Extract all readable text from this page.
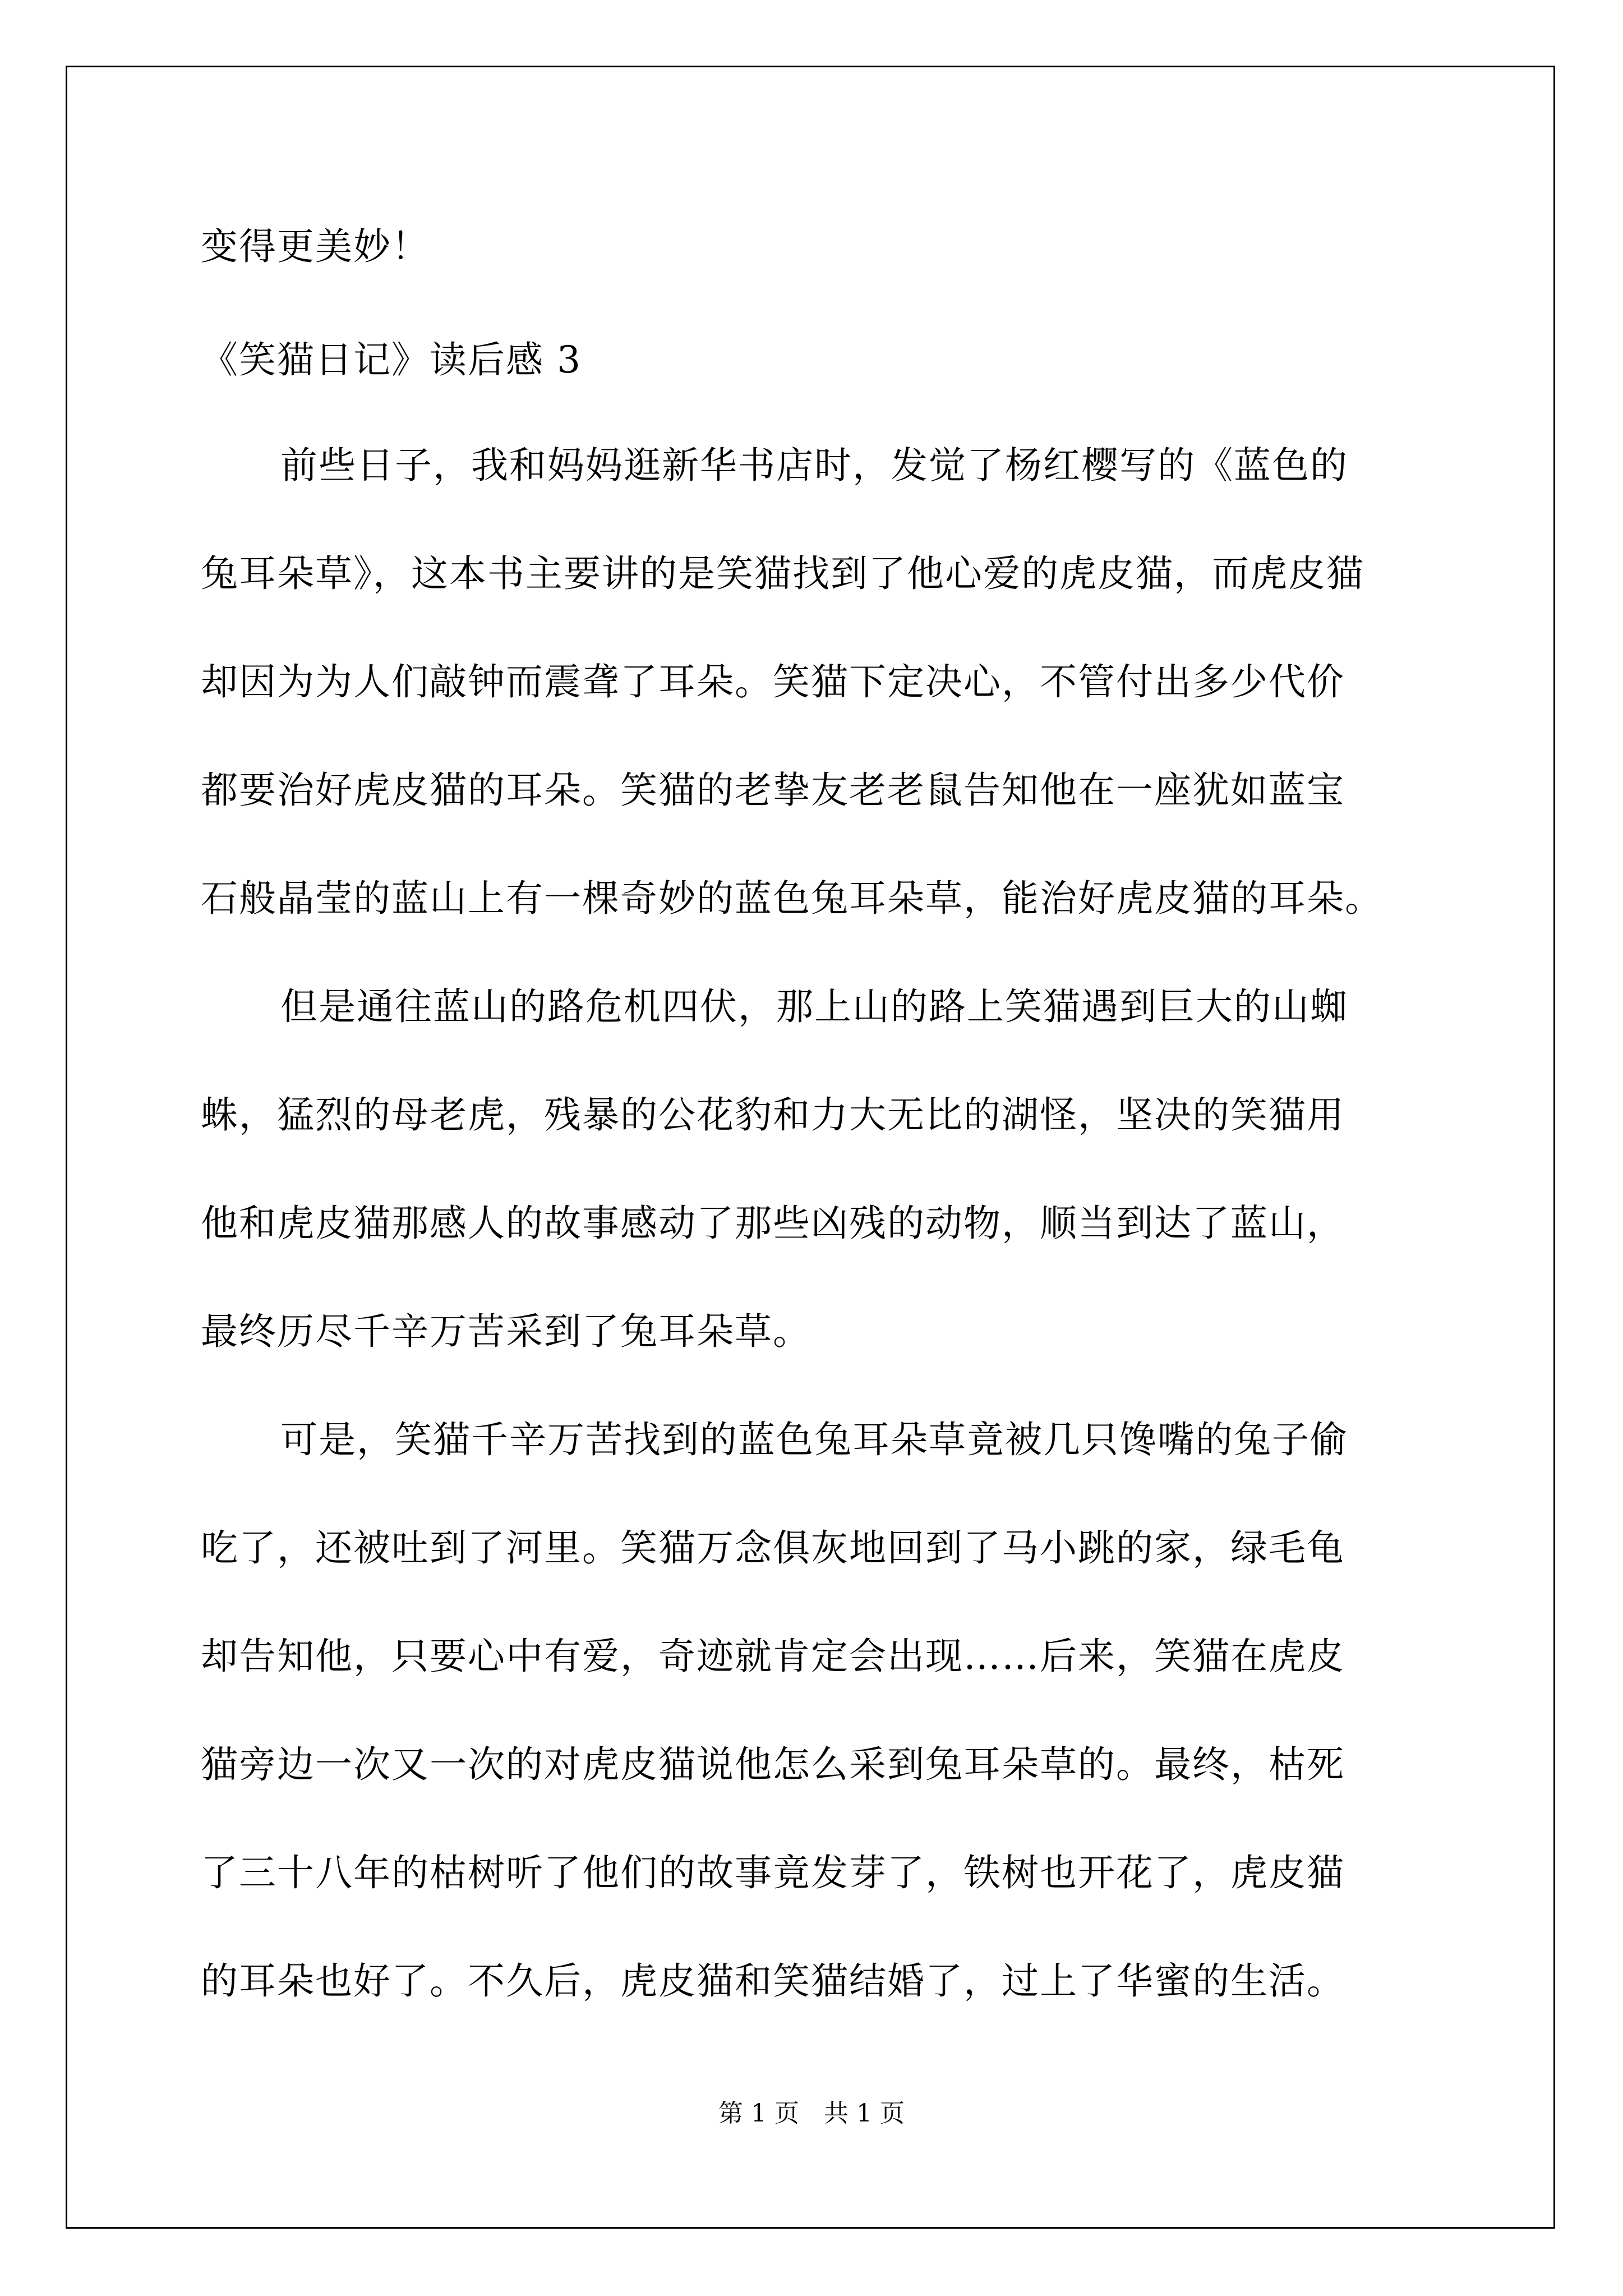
变得更美妙！
《笑猫日记》读后感 3
前些日子，我和妈妈逛新华书店时，发觉了杨红樱写的《蓝色的
兔耳朵草》，这本书主要讲的是笑猫找到了他心爱的虎皮猫，而虎皮猫
却因为为人们敲钟而震聋了耳朵。笑猫下定决心，不管付出多少代价
都要治好虎皮猫的耳朵。笑猫的老挚友老老鼠告知他在一座犹如蓝宝
石般晶莹的蓝山上有一棵奇妙的蓝色兔耳朵草，能治好虎皮猫的耳朵。
但是通往蓝山的路危机四伏，那上山的路上笑猫遇到巨大的山蜘
蛛，猛烈的母老虎，残暴的公花豹和力大无比的湖怪，坚决的笑猫用
他和虎皮猫那感人的故事感动了那些凶残的动物，顺当到达了蓝山，
最终历尽千辛万苦采到了兔耳朵草。
可是，笑猫千辛万苦找到的蓝色兔耳朵草竟被几只馋嘴的兔子偷
吃了，还被吐到了河里。笑猫万念俱灰地回到了马小跳的家，绿毛龟
却告知他，只要心中有爱，奇迹就肯定会出现……后来，笑猫在虎皮
猫旁边一次又一次的对虎皮猫说他怎么采到兔耳朵草的。最终，枯死
了三十八年的枯树听了他们的故事竟发芽了，铁树也开花了，虎皮猫
的耳朵也好了。不久后，虎皮猫和笑猫结婚了，过上了华蜜的生活。
第 1 页　共 1 页
